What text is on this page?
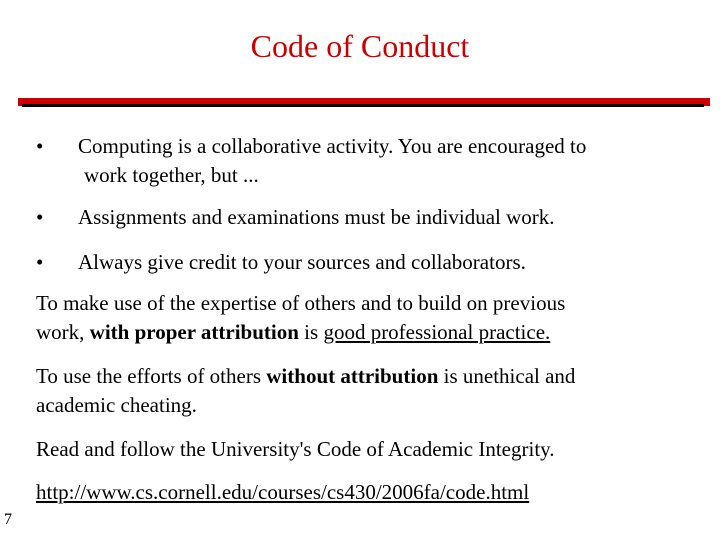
Code of Conduct
• Computing is a collaborative activity. You are encouraged to
work together, but ...
• Assignments and examinations must be individual work.
• Always give credit to your sources and collaborators.
To make use of the expertise of others and to build on previous
work, with proper attribution is good professional practice.
To use the efforts of others without attribution is unethical and
academic cheating.
Read and follow the University's Code of Academic Integrity.
http://www.cs.cornell.edu/courses/cs430/2006fa/code.html
7
